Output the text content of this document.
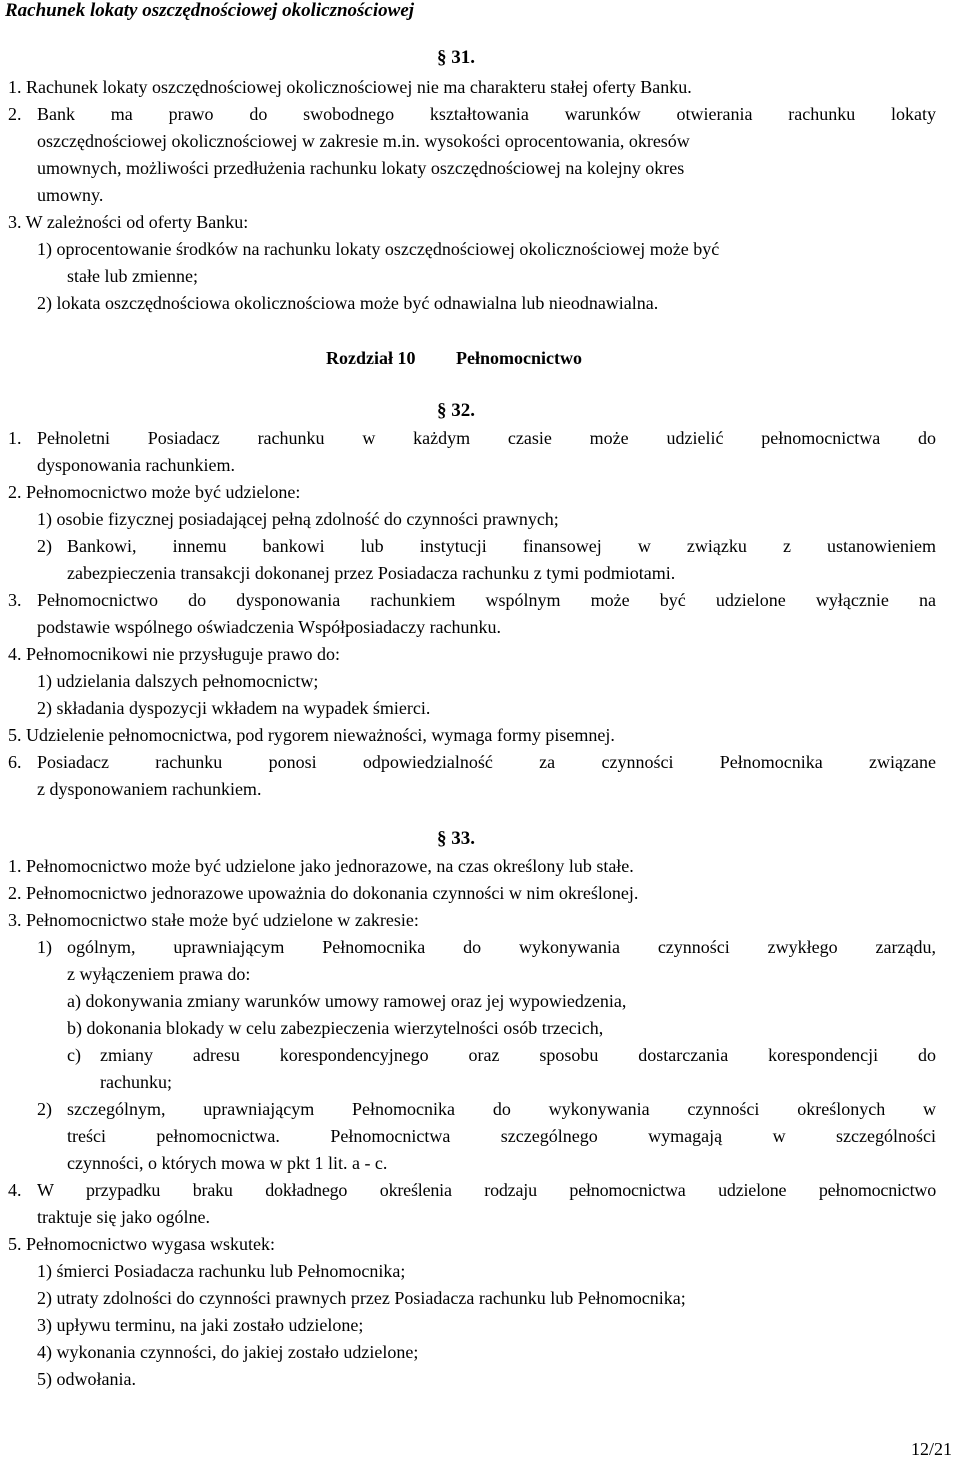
Rachunek lokaty oszczędnościowej okolicznościowej
§ 31.
1. Rachunek lokaty oszczędnościowej okolicznościowej nie ma charakteru stałej oferty Banku.
2. Bank ma prawo do swobodnego kształtowania warunków otwierania rachunku lokaty
oszczędnościowej okolicznościowej w zakresie m.in. wysokości oprocentowania, okresów
umownych, możliwości przedłużenia rachunku lokaty oszczędnościowej na kolejny okres
umowny.
3. W zależności od oferty Banku:
1) oprocentowanie środków na rachunku lokaty oszczędnościowej okolicznościowej może być
stałe lub zmienne;
2) lokata oszczędnościowa okolicznościowa może być odnawialna lub nieodnawialna.
Rozdział 10 Pełnomocnictwo
§ 32.
1. Pełnoletni Posiadacz rachunku w każdym czasie może udzielić pełnomocnictwa do
dysponowania rachunkiem.
2. Pełnomocnictwo może być udzielone:
1) osobie fizycznej posiadającej pełną zdolność do czynności prawnych;
2) Bankowi, innemu bankowi lub instytucji finansowej w związku z ustanowieniem
zabezpieczenia transakcji dokonanej przez Posiadacza rachunku z tymi podmiotami.
3. Pełnomocnictwo do dysponowania rachunkiem wspólnym może być udzielone wyłącznie na
podstawie wspólnego oświadczenia Współposiadaczy rachunku.
4. Pełnomocnikowi nie przysługuje prawo do:
1) udzielania dalszych pełnomocnictw;
2) składania dyspozycji wkładem na wypadek śmierci.
5. Udzielenie pełnomocnictwa, pod rygorem nieważności, wymaga formy pisemnej.
6. Posiadacz rachunku ponosi odpowiedzialność za czynności Pełnomocnika związane
z dysponowaniem rachunkiem.
§ 33.
1. Pełnomocnictwo może być udzielone jako jednorazowe, na czas określony lub stałe.
2. Pełnomocnictwo jednorazowe upoważnia do dokonania czynności w nim określonej.
3. Pełnomocnictwo stałe może być udzielone w zakresie:
1) ogólnym, uprawniającym Pełnomocnika do wykonywania czynności zwykłego zarządu,
z wyłączeniem prawa do:
a) dokonywania zmiany warunków umowy ramowej oraz jej wypowiedzenia,
b) dokonania blokady w celu zabezpieczenia wierzytelności osób trzecich,
c) zmiany adresu korespondencyjnego oraz sposobu dostarczania korespondencji do
rachunku;
2) szczególnym, uprawniającym Pełnomocnika do wykonywania czynności określonych w
treści pełnomocnictwa. Pełnomocnictwa szczególnego wymagają w szczególności
czynności, o których mowa w pkt 1 lit. a - c.
4. W przypadku braku dokładnego określenia rodzaju pełnomocnictwa udzielone pełnomocnictwo
traktuje się jako ogólne.
5. Pełnomocnictwo wygasa wskutek:
1) śmierci Posiadacza rachunku lub Pełnomocnika;
2) utraty zdolności do czynności prawnych przez Posiadacza rachunku lub Pełnomocnika;
3) upływu terminu, na jaki zostało udzielone;
4) wykonania czynności, do jakiej zostało udzielone;
5) odwołania.
12/21
